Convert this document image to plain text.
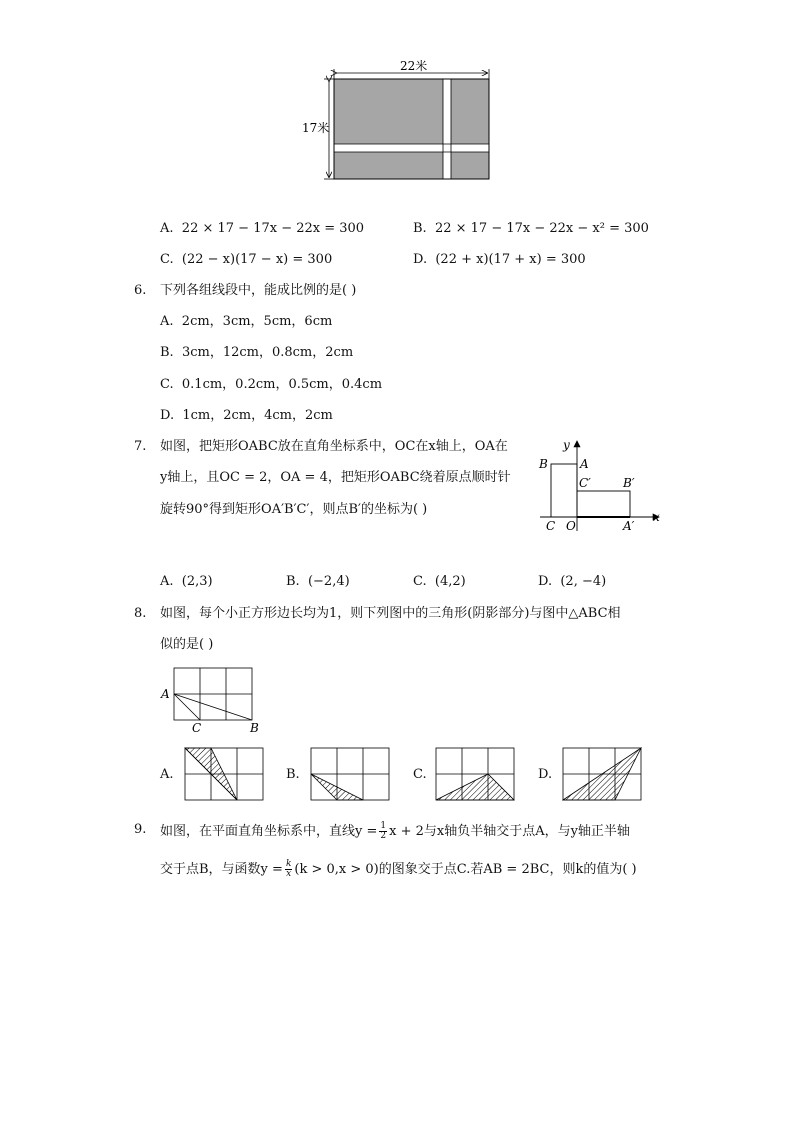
22米
17米
A. 22 × 17 − 17x − 22x = 300	B. 22 × 17 − 17x − 22x − x² = 300
C. (22 − x)(17 − x) = 300	D. (22 + x)(17 + x) = 300
6. 下列各组线段中，能成比例的是( )
A. 2cm，3cm，5cm，6cm
B. 3cm，12cm，0.8cm，2cm
C. 0.1cm，0.2cm，0.5cm，0.4cm
D. 1cm，2cm，4cm，2cm
7. 如图，把矩形OABC放在直角坐标系中，OC在x轴上，OA在
y轴上，且OC = 2，OA = 4，把矩形OABC绕着原点顺时针
旋转90°得到矩形OA′B′C′，则点B′的坐标为( )
y
x
B	A
C′	B′
C O	A′
A. (2,3)	B. (−2,4)	C. (4,2)	D. (2, −4)
8. 如图，每个小正方形边长均为1，则下列图中的三角形(阴影部分)与图中△ABC相
似的是( )
A
C	B
A.	B.	C.	D.
9. 如图，在平面直角坐标系中，直线$y = \frac{1}{2}$ x + 2与x轴负半轴交于点A，与y轴正半轴
交于点B，与函数$y = \frac{k}{x} (k > 0,x > 0)$的图象交于点C.若AB = 2BC，则k的值为( )
